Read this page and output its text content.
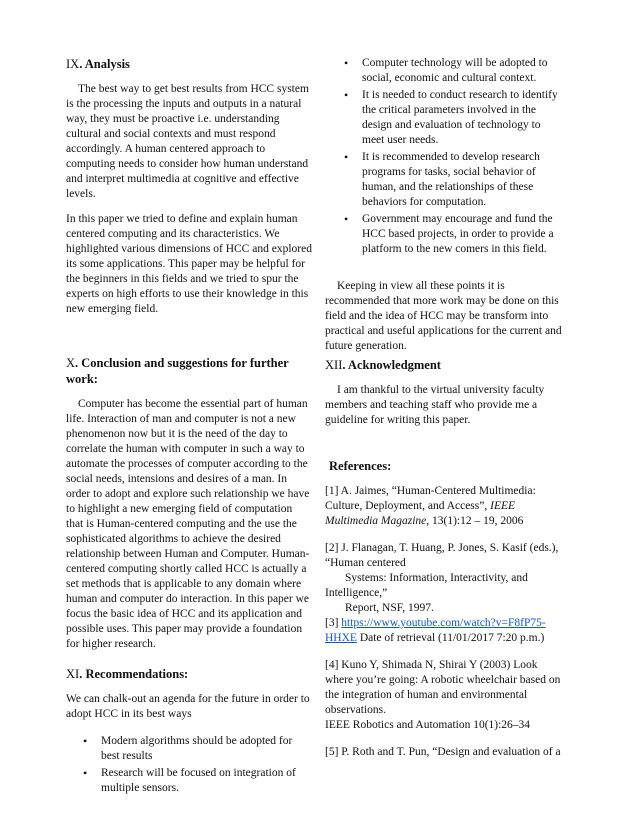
IX. Analysis

The best way to get best results from HCC system is the processing the inputs and outputs in a natural way, they must be proactive i.e. understanding cultural and social contexts and must respond accordingly. A human centered approach to computing needs to consider how human understand and interpret multimedia at cognitive and effective levels.

In this paper we tried to define and explain human centered computing and its characteristics. We highlighted various dimensions of HCC and explored its some applications. This paper may be helpful for the beginners in this fields and we tried to spur the experts on high efforts to use their knowledge in this new emerging field.

X. Conclusion and suggestions for further work:

Computer has become the essential part of human life. Interaction of man and computer is not a new phenomenon now but it is the need of the day to correlate the human with computer in such a way to automate the processes of computer according to the social needs, intensions and desires of a man. In order to adopt and explore such relationship we have to highlight a new emerging field of computation that is Human-centered computing and the use the sophisticated algorithms to achieve the desired relationship between Human and Computer. Human-centered computing shortly called HCC is actually a set methods that is applicable to any domain where human and computer do interaction. In this paper we focus the basic idea of HCC and its application and possible uses. This paper may provide a foundation for higher research.

XI. Recommendations:

We can chalk-out an agenda for the future in order to adopt HCC in its best ways

• Modern algorithms should be adopted for best results
• Research will be focused on integration of multiple sensors.
• Computer technology will be adopted to social, economic and cultural context.
• It is needed to conduct research to identify the critical parameters involved in the design and evaluation of technology to meet user needs.
• It is recommended to develop research programs for tasks, social behavior of human, and the relationships of these behaviors for computation.
• Government may encourage and fund the HCC based projects, in order to provide a platform to the new comers in this field.

Keeping in view all these points it is recommended that more work may be done on this field and the idea of HCC may be transform into practical and useful applications for the current and future generation.

XII. Acknowledgment

I am thankful to the virtual university faculty members and teaching staff who provide me a guideline for writing this paper.

References:
[1] A. Jaimes, “Human-Centered Multimedia: Culture, Deployment, and Access”, IEEE Multimedia Magazine, 13(1):12 – 19, 2006
[2] J. Flanagan, T. Huang, P. Jones, S. Kasif (eds.), “Human centered
Systems: Information, Interactivity, and Intelligence,”
Report, NSF, 1997.
[3] https://www.youtube.com/watch?v=F8fP75-HHXE Date of retrieval (11/01/2017 7:20 p.m.)
[4] Kuno Y, Shimada N, Shirai Y (2003) Look where you’re going: A robotic wheelchair based on the integration of human and environmental observations.
IEEE Robotics and Automation 10(1):26–34
[5] P. Roth and T. Pun, “Design and evaluation of a
